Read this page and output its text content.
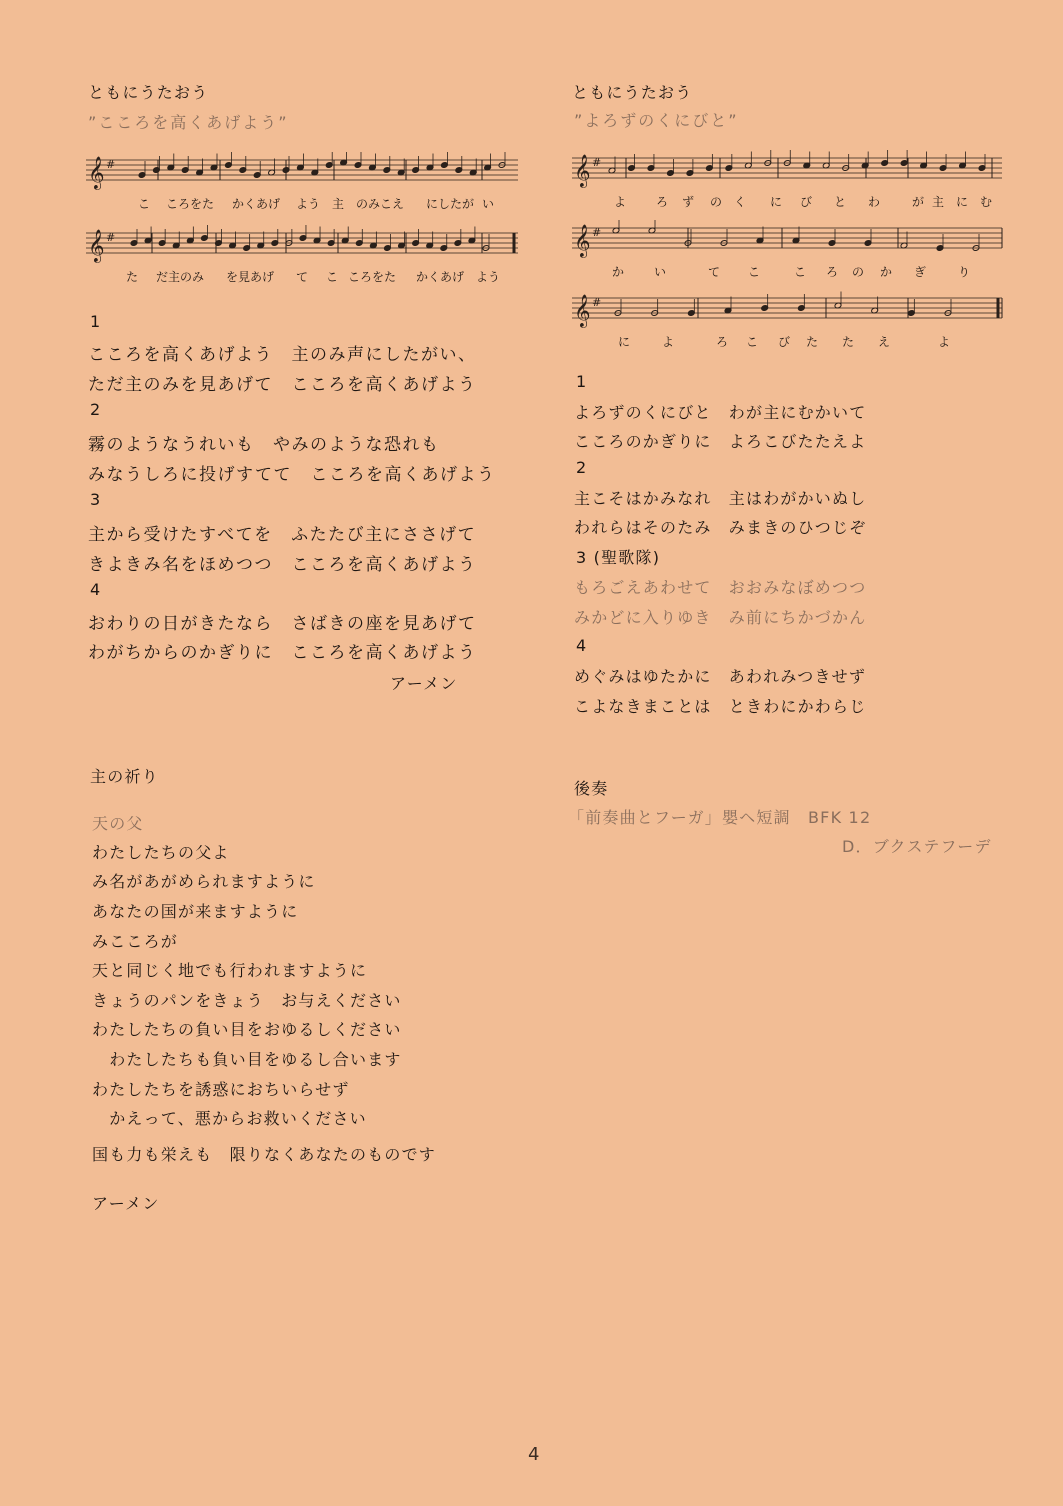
ともにうたおう
”こころを高くあげよう”
𝄞 #
こ ころをた かくあげ よう 主 のみこえ にしたが い
𝄞 #
た だ主のみ を見あげ て こ ころをた かくあげ よう
1
こころを高くあげよう　主のみ声にしたがい、
ただ主のみを見あげて　こころを高くあげよう
2
霧のようなうれいも　やみのような恐れも
みなうしろに投げすてて　こころを高くあげよう
3
主から受けたすべてを　ふたたび主にささげて
きよきみ名をほめつつ　こころを高くあげよう
4
おわりの日がきたなら　さばきの座を見あげて
わがちからのかぎりに　こころを高くあげよう
アーメン
主の祈り
天の父
わたしたちの父よ
み名があがめられますように
あなたの国が来ますように
みこころが
天と同じく地でも行われますように
きょうのパンをきょう　お与えください
わたしたちの負い目をおゆるしください
　わたしたちも負い目をゆるし合います
わたしたちを誘惑におちいらせず
　かえって、悪からお救いください
国も力も栄えも　限りなくあなたのものです
アーメン
ともにうたおう
”よろずのくにびと”
𝄞 #
よ ろ ず の く に び と わ	が 主 に む
𝄞 #
か い	て こ	こ ろ の か ぎ	り
𝄞 #
に	よ	ろ こ び た た え	よ
1
よろずのくにびと　わが主にむかいて
こころのかぎりに　よろこびたたえよ
2
主こそはかみなれ　主はわがかいぬし
われらはそのたみ　みまきのひつじぞ
3 (聖歌隊)
もろごえあわせて　おおみなぼめつつ
みかどに入りゆき　み前にちかづかん
4
めぐみはゆたかに　あわれみつきせず
こよなきまことは　ときわにかわらじ
後奏
「前奏曲とフーガ」嬰ヘ短調　BFK 12
D．ブクステフーデ
4
